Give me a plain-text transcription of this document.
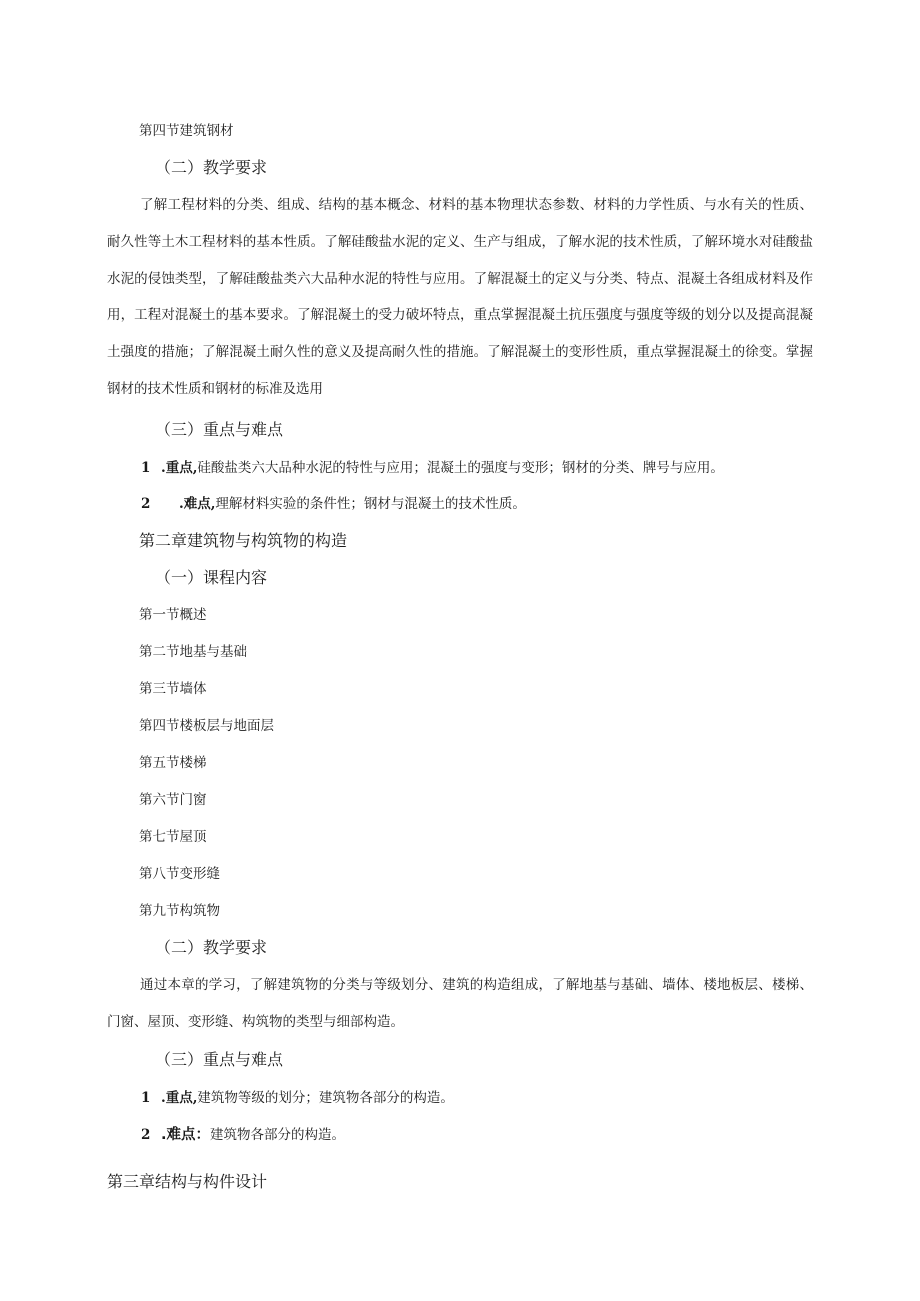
第四节建筑钢材
（二）教学要求
了解工程材料的分类、组成、结构的基本概念、材料的基本物理状态参数、材料的力学性质、与水有关的性质、耐久性等土木工程材料的基本性质。了解硅酸盐水泥的定义、生产与组成，了解水泥的技术性质，了解环境水对硅酸盐水泥的侵蚀类型，了解硅酸盐类六大品种水泥的特性与应用。了解混凝土的定义与分类、特点、混凝土各组成材料及作用，工程对混凝土的基本要求。了解混凝土的受力破坏特点，重点掌握混凝土抗压强度与强度等级的划分以及提高混凝土强度的措施；了解混凝土耐久性的意义及提高耐久性的措施。了解混凝土的变形性质，重点掌握混凝土的徐变。掌握钢材的技术性质和钢材的标准及选用
（三）重点与难点
1 .重点,硅酸盐类六大品种水泥的特性与应用；混凝土的强度与变形；钢材的分类、牌号与应用。
2 .难点,理解材料实验的条件性；钢材与混凝土的技术性质。
第二章建筑物与构筑物的构造
（一）课程内容
第一节概述
第二节地基与基础
第三节墙体
第四节楼板层与地面层
第五节楼梯
第六节门窗
第七节屋顶
第八节变形缝
第九节构筑物
（二）教学要求
通过本章的学习，了解建筑物的分类与等级划分、建筑的构造组成，了解地基与基础、墙体、楼地板层、楼梯、门窗、屋顶、变形缝、构筑物的类型与细部构造。
（三）重点与难点
1 .重点,建筑物等级的划分；建筑物各部分的构造。
2 .难点：建筑物各部分的构造。
第三章结构与构件设计
